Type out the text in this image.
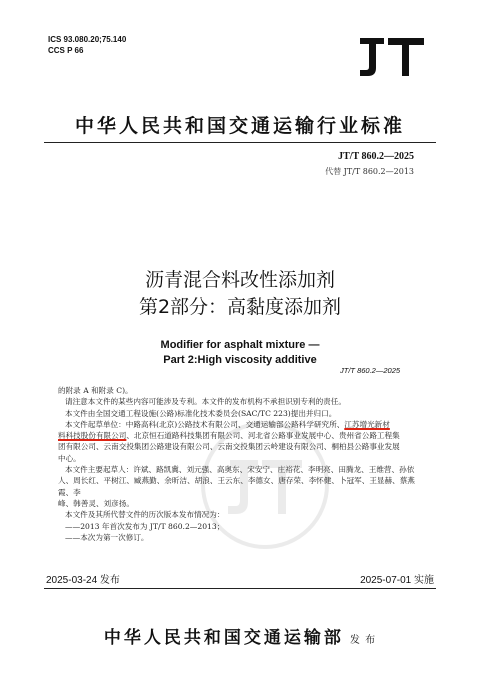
ICS 93.080.20;75.140
CCS P 66
中华人民共和国交通运输行业标准
JT/T 860.2—2025
代替 JT/T 860.2—2013
沥青混合料改性添加剂
第2部分：高黏度添加剂
Modifier for asphalt mixture —
Part 2:High viscosity additive
JT/T 860.2—2025

的附录 A 和附录 C)。

请注意本文件的某些内容可能涉及专利。本文件的发布机构不承担识别专利的责任。

本文件由全国交通工程设施(公路)标准化技术委员会(SAC/TC 223)提出并归口。

本文件起草单位：中路高科(北京)公路技术有限公司、交通运输部公路科学研究所、江苏增光新材

料科技股份有限公司、北京恒石道路科技集团有限公司、河北省公路事业发展中心、贵州省公路工程集

团有限公司、云南交投集团公路建设有限公司、云南交投集团云岭建设有限公司、桐柏县公路事业发展

中心。

本文件主要起草人：许斌、路凯冀、刘元强、高奥东、宋安宁、庄裕花、李明亮、田腾龙、王维营、孙依

人、周长红、平树江、臧燕勤、余昕洁、胡浪、王云东、李德女、唐存荣、李怀健、卜冠军、王显赫、蔡燕霞、李

峰、韩善灵、刘彦扬。

本文件及其所代替文件的历次版本发布情况为：

——2013 年首次发布为 JT/T 860.2—2013；

——本次为第一次修订。

2025-03-24 发布	2025-07-01 实施
中华人民共和国交通运输部 发 布
